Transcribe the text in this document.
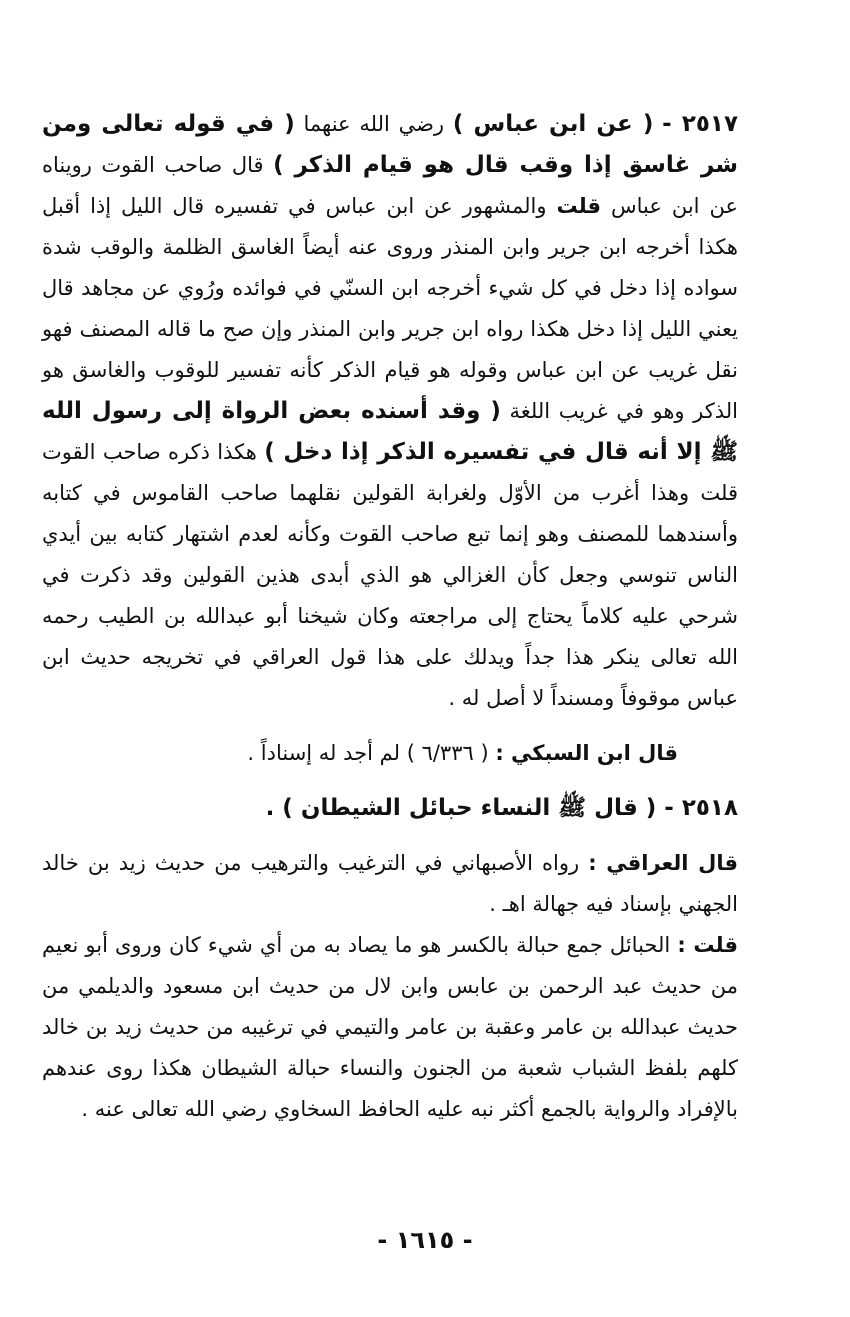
٢٥١٧ - ( عن ابن عباس ) رضي الله عنهما ( في قوله تعالى ومن شر غاسق إذا وقب قال هو قيام الذكر ) قال صاحب القوت رويناه عن ابن عباس قلت والمشهور عن ابن عباس في تفسيره قال الليل إذا أقبل هكذا أخرجه ابن جرير وابن المنذر وروى عنه أيضاً الغاسق الظلمة والوقب شدة سواده إذا دخل في كل شيء أخرجه ابن السنّي في فوائده ورُوي عن مجاهد قال يعني الليل إذا دخل هكذا رواه ابن جرير وابن المنذر وإن صح ما قاله المصنف فهو نقل غريب عن ابن عباس وقوله هو قيام الذكر كأنه تفسير للوقوب والغاسق هو الذكر وهو في غريب اللغة ( وقد أسنده بعض الرواة إلى رسول الله ﷺ إلا أنه قال في تفسيره الذكر إذا دخل ) هكذا ذكره صاحب القوت قلت وهذا أغرب من الأوّل ولغرابة القولين نقلهما صاحب القاموس في كتابه وأسندهما للمصنف وهو إنما تبع صاحب القوت وكأنه لعدم اشتهار كتابه بين أيدي الناس تنوسي وجعل كأن الغزالي هو الذي أبدى هذين القولين وقد ذكرت في شرحي عليه كلاماً يحتاج إلى مراجعته وكان شيخنا أبو عبدالله بن الطيب رحمه الله تعالى ينكر هذا جداً ويدلك على هذا قول العراقي في تخريجه حديث ابن عباس موقوفاً ومسنداً لا أصل له .

قال ابن السبكي : ( ٦/٣٣٦ ) لم أجد له إسناداً .

٢٥١٨ - ( قال ﷺ النساء حبائل الشيطان ) .

قال العراقي : رواه الأصبهاني في الترغيب والترهيب من حديث زيد بن خالد الجهني بإسناد فيه جهالة اهـ .

قلت : الحبائل جمع حبالة بالكسر هو ما يصاد به من أي شيء كان وروى أبو نعيم من حديث عبد الرحمن بن عابس وابن لال من حديث ابن مسعود والديلمي من حديث عبدالله بن عامر وعقبة بن عامر والتيمي في ترغيبه من حديث زيد بن خالد كلهم بلفظ الشباب شعبة من الجنون والنساء حبالة الشيطان هكذا روى عندهم بالإفراد والرواية بالجمع أكثر نبه عليه الحافظ السخاوي رضي الله تعالى عنه .

- ١٦١٥ -
